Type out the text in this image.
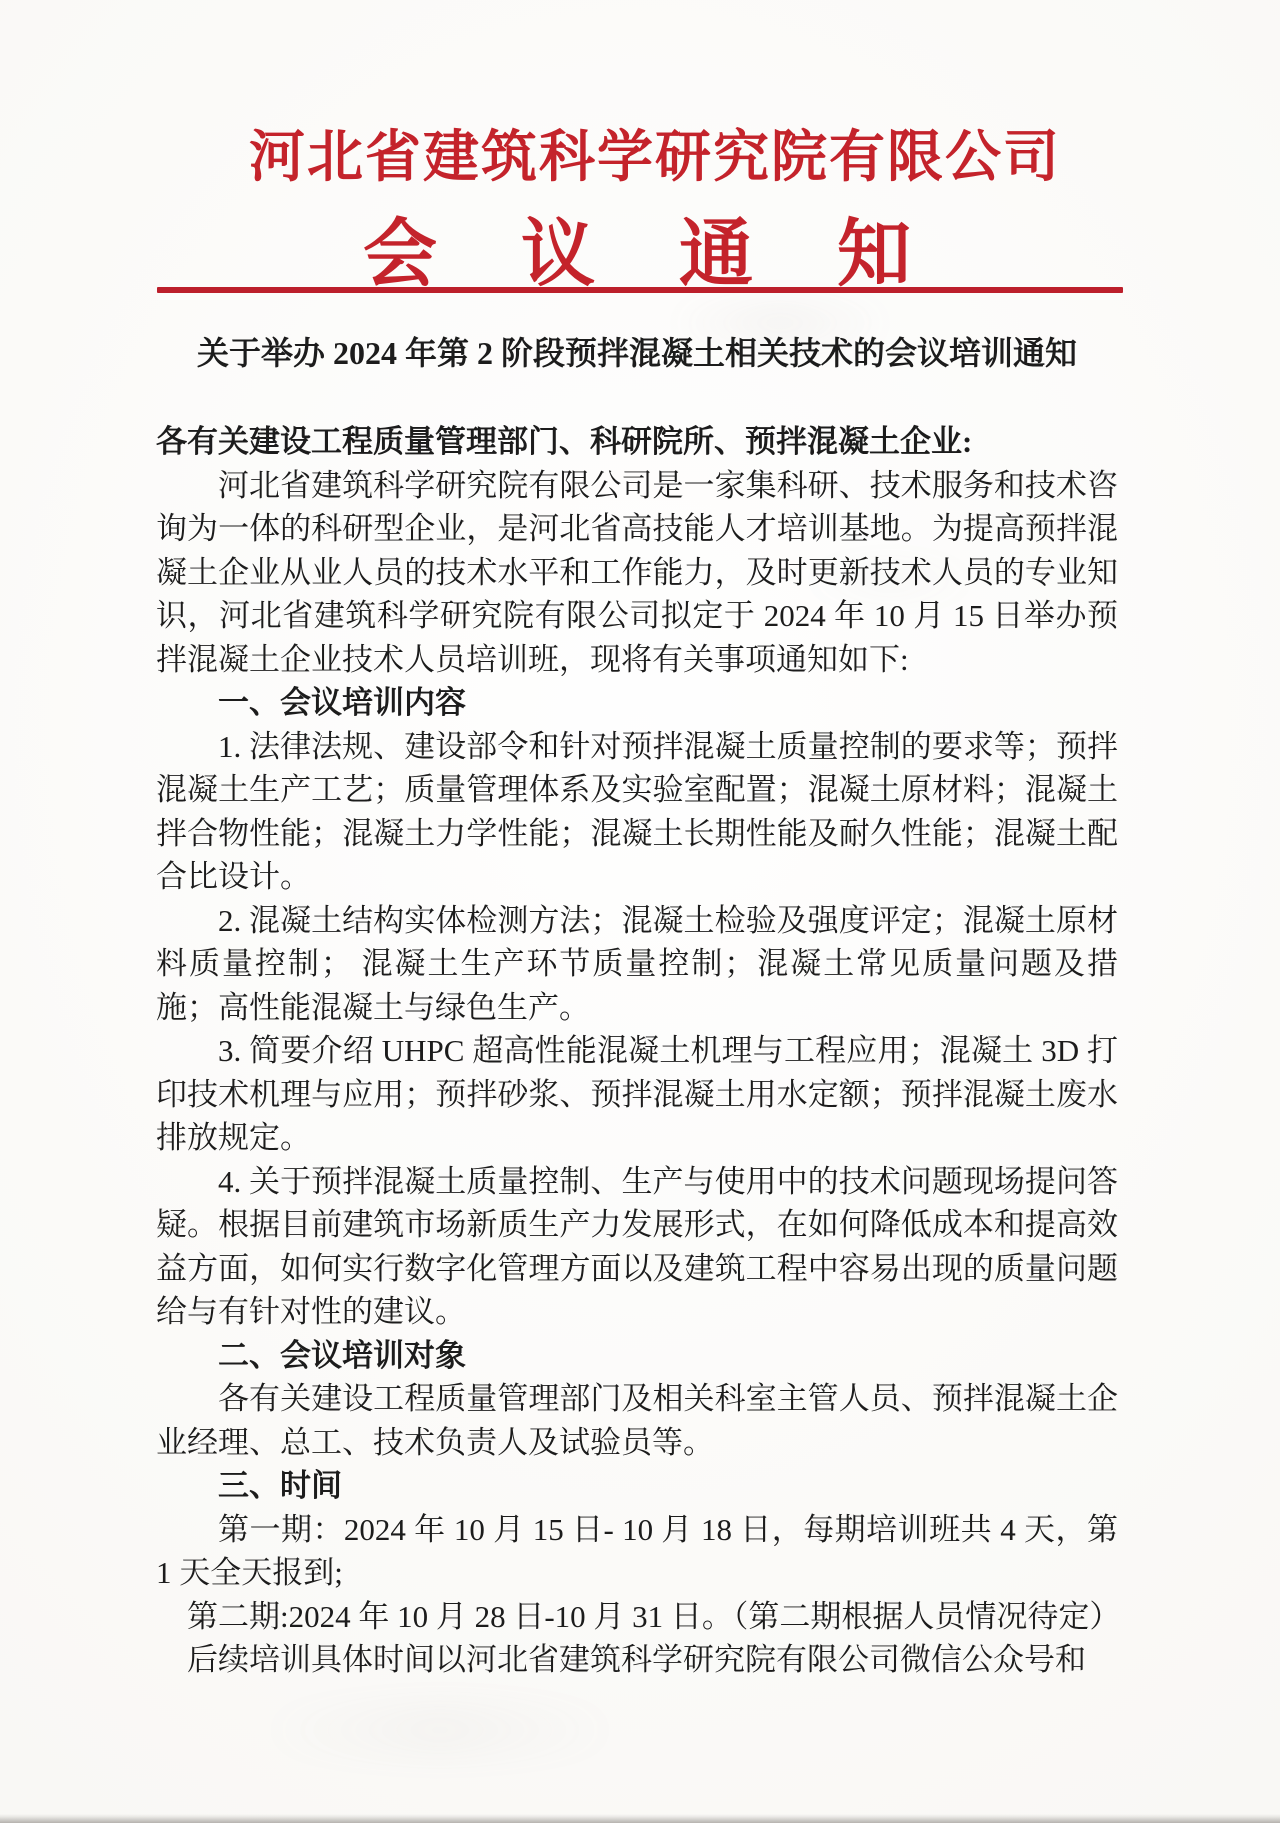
河北省建筑科学研究院有限公司
会议通知
关于举办 2024 年第 2 阶段预拌混凝土相关技术的会议培训通知

各有关建设工程质量管理部门、科研院所、预拌混凝土企业:

河北省建筑科学研究院有限公司是一家集科研、技术服务和技术咨询为一体的科研型企业，是河北省高技能人才培训基地。为提高预拌混凝土企业从业人员的技术水平和工作能力，及时更新技术人员的专业知识，河北省建筑科学研究院有限公司拟定于 2024 年 10 月 15 日举办预拌混凝土企业技术人员培训班，现将有关事项通知如下:

一、会议培训内容

1. 法律法规、建设部令和针对预拌混凝土质量控制的要求等；预拌混凝土生产工艺；质量管理体系及实验室配置；混凝土原材料；混凝土拌合物性能；混凝土力学性能；混凝土长期性能及耐久性能；混凝土配合比设计。

2. 混凝土结构实体检测方法；混凝土检验及强度评定；混凝土原材料质量控制； 混凝土生产环节质量控制；混凝土常见质量问题及措施；高性能混凝土与绿色生产。

3. 简要介绍 UHPC 超高性能混凝土机理与工程应用；混凝土 3D 打印技术机理与应用；预拌砂浆、预拌混凝土用水定额；预拌混凝土废水排放规定。

4. 关于预拌混凝土质量控制、生产与使用中的技术问题现场提问答疑。根据目前建筑市场新质生产力发展形式，在如何降低成本和提高效益方面，如何实行数字化管理方面以及建筑工程中容易出现的质量问题给与有针对性的建议。

二、会议培训对象

各有关建设工程质量管理部门及相关科室主管人员、预拌混凝土企业经理、总工、技术负责人及试验员等。

三、时间

第一期：2024 年 10 月 15 日- 10 月 18 日，每期培训班共 4 天，第 1 天全天报到;

第二期:2024 年 10 月 28 日-10 月 31 日。（第二期根据人员情况待定）

后续培训具体时间以河北省建筑科学研究院有限公司微信公众号和
